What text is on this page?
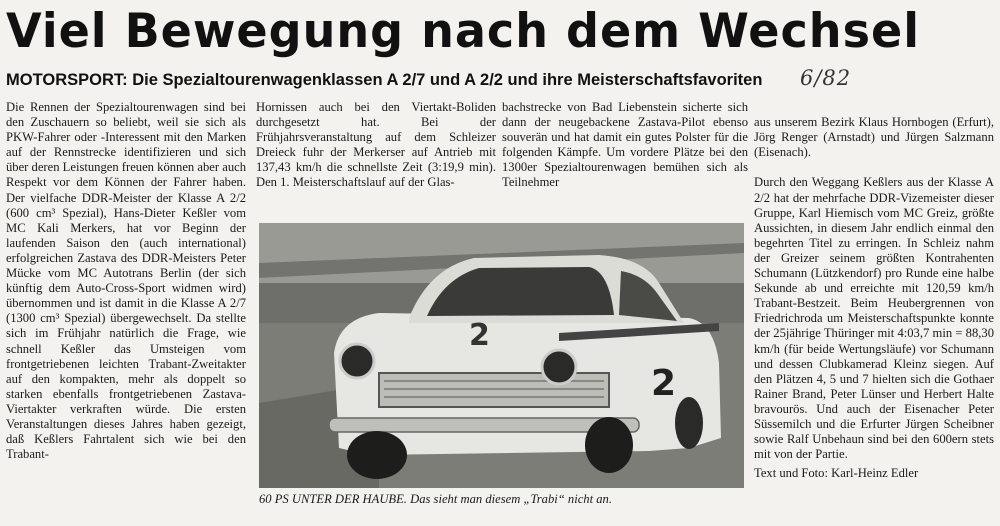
Viel Bewegung nach dem Wechsel
MOTORSPORT: Die Spezialtourenwagenklassen A 2/7 und A 2/2 und ihre Meisterschaftsfavoriten	6/82
Die Rennen der Spezialtourenwagen sind bei den Zuschauern so beliebt, weil sie sich als PKW-Fahrer oder -Interessent mit den Marken auf der Rennstrecke identifizieren und sich über deren Leistungen freuen können aber auch Respekt vor dem Können der Fahrer haben. Der vielfache DDR-Meister der Klasse A 2/2 (600 cm³ Spezial), Hans-Dieter Keßler vom MC Kali Merkers, hat vor Beginn der laufenden Saison den (auch international) erfolgreichen Zastava des DDR-Meisters Peter Mücke vom MC Autotrans Berlin (der sich künftig dem Auto-Cross-Sport widmen wird) übernommen und ist damit in die Klasse A 2/7 (1300 cm³ Spezial) übergewechselt. Da stellte sich im Frühjahr natürlich die Frage, wie schnell Keßler das Umsteigen vom frontgetriebenen leichten Trabant-Zweitakter auf den kompakten, mehr als doppelt so starken ebenfalls frontgetriebenen Zastava-Viertakter verkraften würde. Die ersten Veranstaltungen dieses Jahres haben gezeigt, daß Keßlers Fahrtalent sich wie bei den Trabant-
Hornissen auch bei den Viertakt-Boliden durchgesetzt hat. Bei der Frühjahrsveranstaltung auf dem Schleizer Dreieck fuhr der Merkerser auf Antrieb mit 137,43 km/h die schnellste Zeit (3:19,9 min). Den 1. Meisterschaftslauf auf der Glas-
bachstrecke von Bad Liebenstein sicherte sich dann der neugebackene Zastava-Pilot ebenso souverän und hat damit ein gutes Polster für die folgenden Kämpfe. Um vordere Plätze bei den 1300er Spezialtourenwagen bemühen sich als Teilnehmer

aus unserem Bezirk Klaus Hornbogen (Erfurt), Jörg Renger (Arnstadt) und Jürgen Salzmann (Eisenach).

Durch den Weggang Keßlers aus der Klasse A 2/2 hat der mehrfache DDR-Vizemeister dieser Gruppe, Karl Hiemisch vom MC Greiz, größte Aussichten, in diesem Jahr endlich einmal den begehrten Titel zu erringen. In Schleiz nahm der Greizer seinem größten Kontrahenten Schumann (Lützkendorf) pro Runde eine halbe Sekunde ab und erreichte mit 120,59 km/h Trabant-Bestzeit. Beim Heubergrennen von Friedrichroda um Meisterschaftspunkte konnte der 25jährige Thüringer mit 4:03,7 min = 88,30 km/h (für beide Wertungsläufe) vor Schumann und dessen Clubkamerad Kleinz siegen. Auf den Plätzen 4, 5 und 7 hielten sich die Gothaer Rainer Brand, Peter Lünser und Herbert Halte bravourös. Und auch der Eisenacher Peter Süssemilch und die Erfurter Jürgen Scheibner sowie Ralf Unbehaun sind bei den 600ern stets mit von der Partie.

Text und Foto: Karl-Heinz Edler

2
2
60 PS UNTER DER HAUBE. Das sieht man diesem „Trabi“ nicht an.
